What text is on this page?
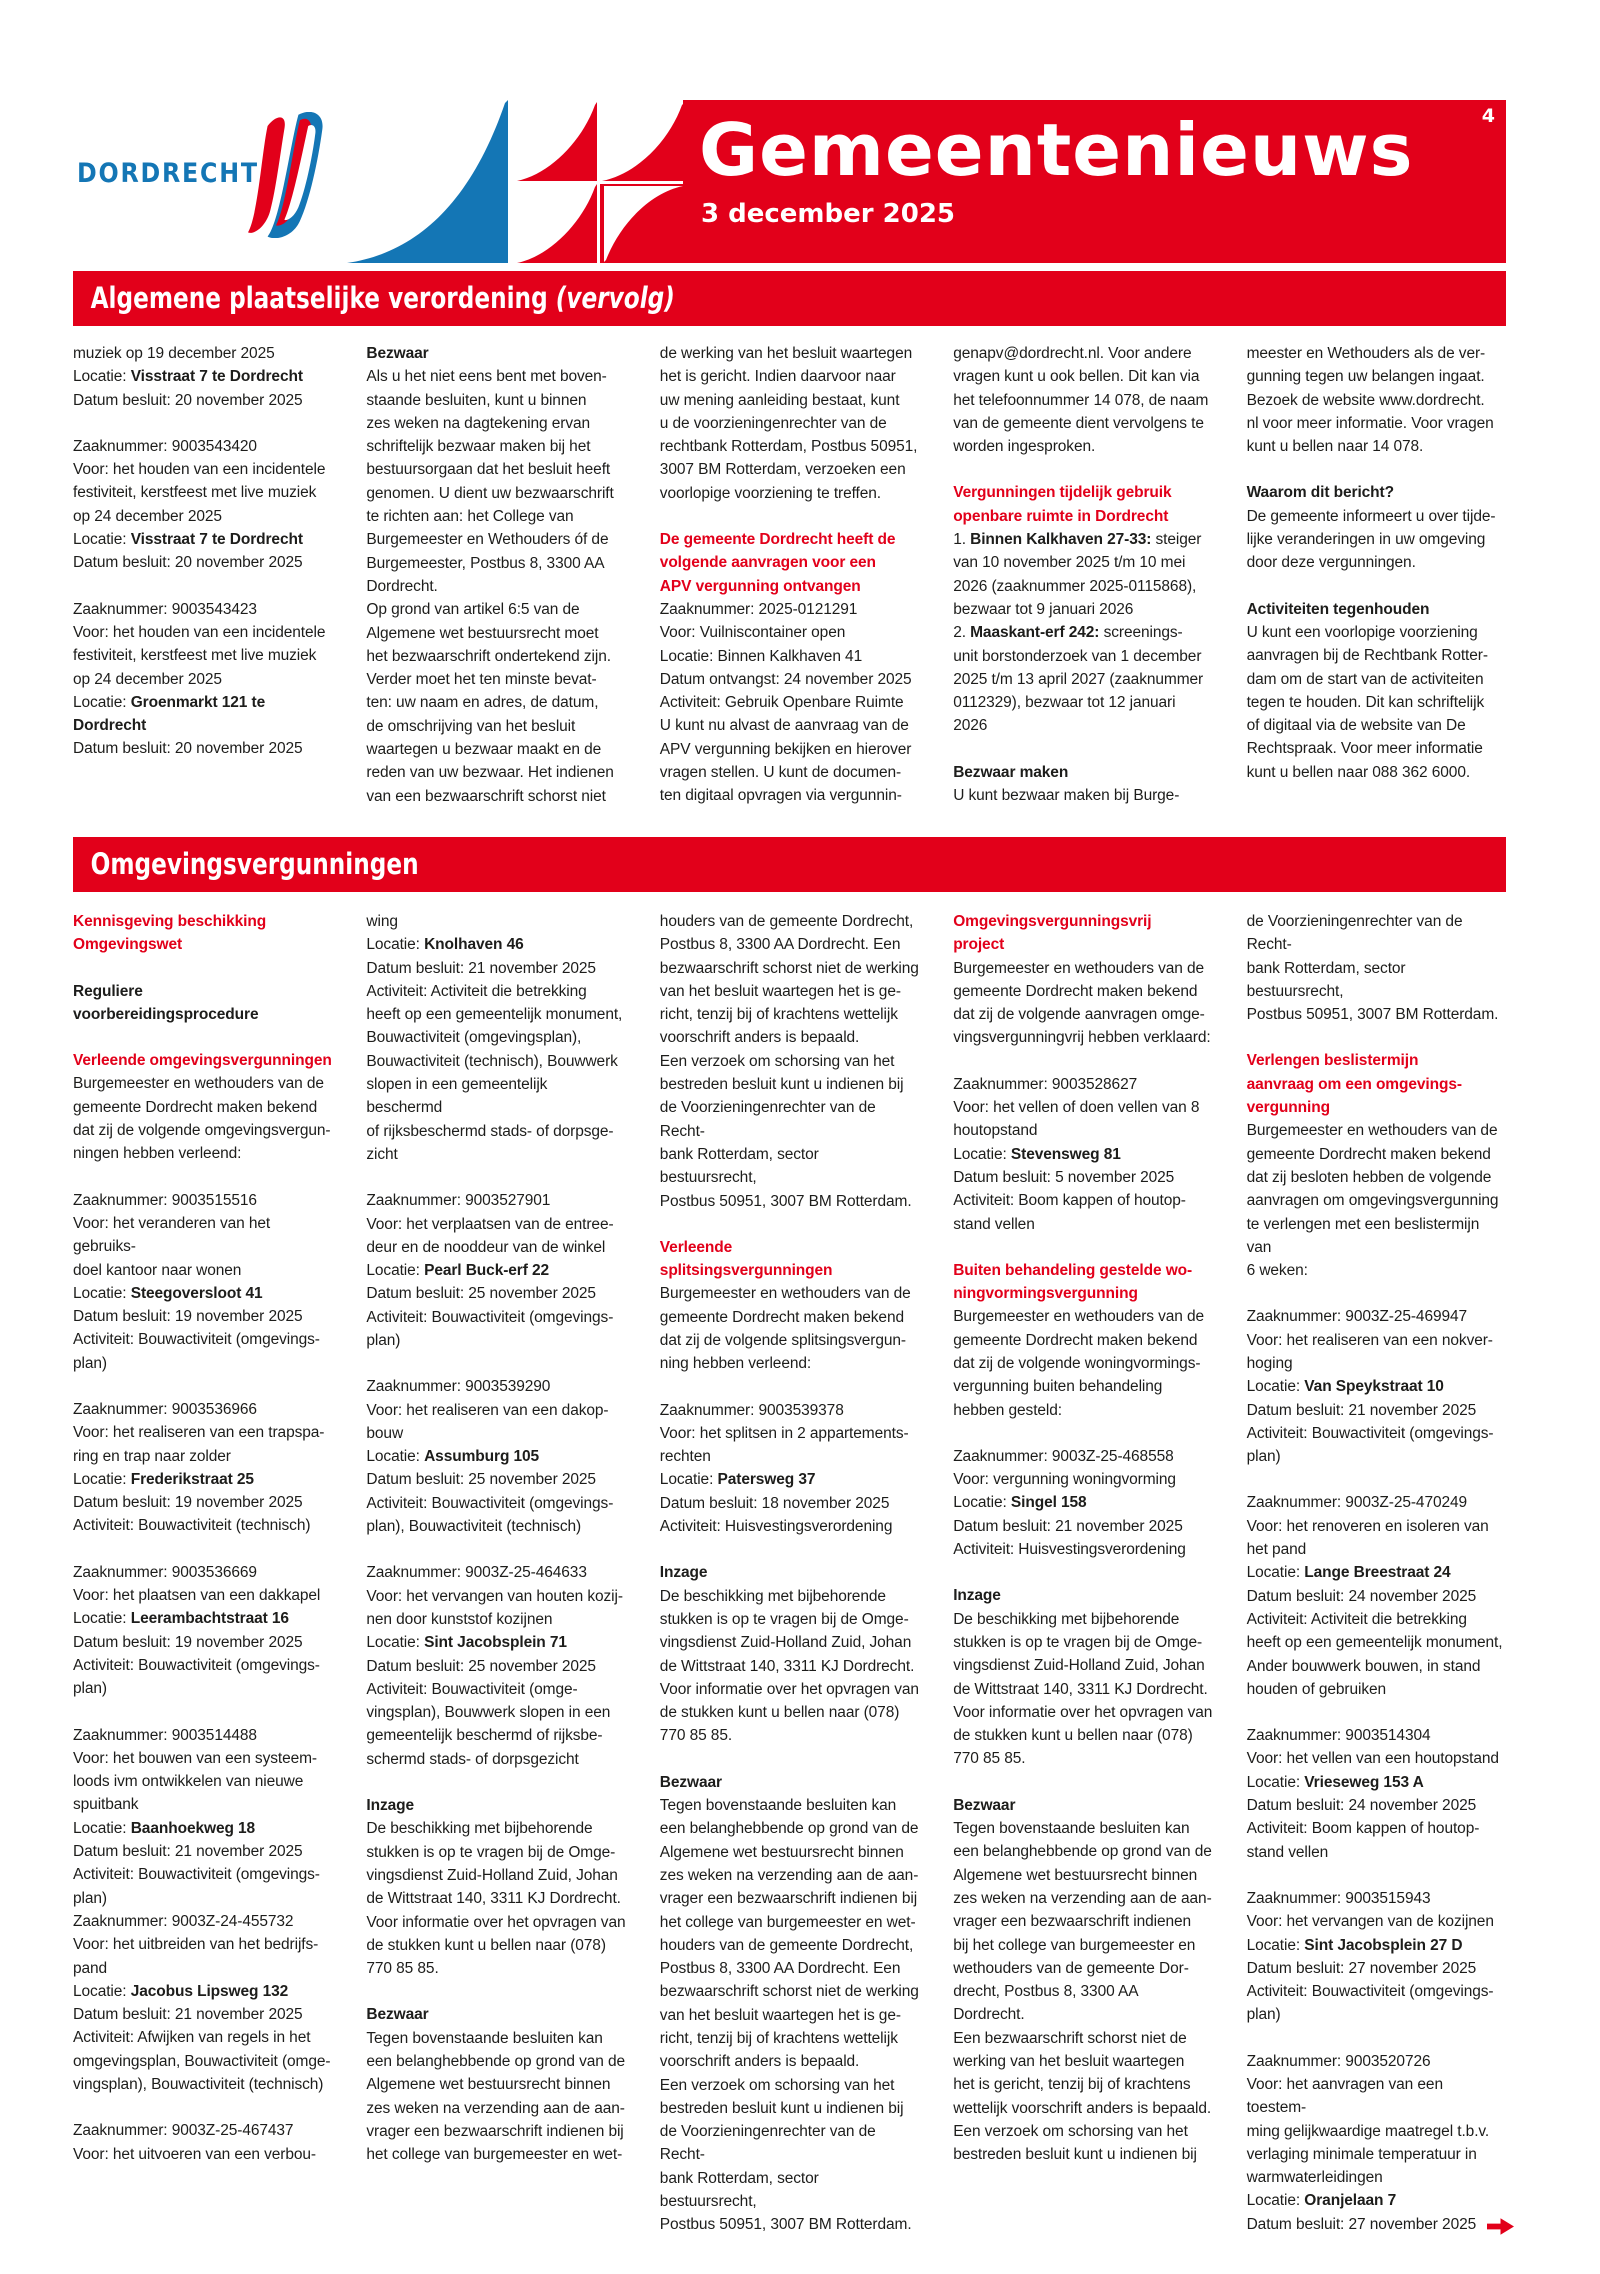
DORDRECHT	Gemeentenieuws
3 december 2025
4
Algemene plaatselijke verordening (vervolg)
muziek op 19 december 2025
Locatie: Visstraat 7 te Dordrecht
Datum besluit: 20 november 2025
Zaaknummer: 9003543420
Voor: het houden van een incidentele
festiviteit, kerstfeest met live muziek
op 24 december 2025
Locatie: Visstraat 7 te Dordrecht
Datum besluit: 20 november 2025
Zaaknummer: 9003543423
Voor: het houden van een incidentele
festiviteit, kerstfeest met live muziek
op 24 december 2025
Locatie: Groenmarkt 121 te
Dordrecht
Datum besluit: 20 november 2025
Bezwaar
Als u het niet eens bent met boven-
staande besluiten, kunt u binnen
zes weken na dagtekening ervan
schriftelijk bezwaar maken bij het
bestuursorgaan dat het besluit heeft
genomen. U dient uw bezwaarschrift
te richten aan: het College van
Burgemeester en Wethouders óf de
Burgemeester, Postbus 8, 3300 AA
Dordrecht.
Op grond van artikel 6:5 van de
Algemene wet bestuursrecht moet
het bezwaarschrift ondertekend zijn.
Verder moet het ten minste bevat-
ten: uw naam en adres, de datum,
de omschrijving van het besluit
waartegen u bezwaar maakt en de
reden van uw bezwaar. Het indienen
van een bezwaarschrift schorst niet
de werking van het besluit waartegen
het is gericht. Indien daarvoor naar
uw mening aanleiding bestaat, kunt
u de voorzieningenrechter van de
rechtbank Rotterdam, Postbus 50951,
3007 BM Rotterdam, verzoeken een
voorlopige voorziening te treffen.
De gemeente Dordrecht heeft de
volgende aanvragen voor een
APV vergunning ontvangen
Zaaknummer: 2025-0121291
Voor: Vuilniscontainer open
Locatie: Binnen Kalkhaven 41
Datum ontvangst: 24 november 2025
Activiteit: Gebruik Openbare Ruimte
U kunt nu alvast de aanvraag van de
APV vergunning bekijken en hierover
vragen stellen. U kunt de documen-
ten digitaal opvragen via vergunnin-
genapv@dordrecht.nl. Voor andere
vragen kunt u ook bellen. Dit kan via
het telefoonnummer 14 078, de naam
van de gemeente dient vervolgens te
worden ingesproken.
Vergunningen tijdelijk gebruik
openbare ruimte in Dordrecht
1. Binnen Kalkhaven 27-33: steiger
van 10 november 2025 t/m 10 mei
2026 (zaaknummer 2025-0115868),
bezwaar tot 9 januari 2026
2. Maaskant-erf 242: screenings-
unit borstonderzoek van 1 december
2025 t/m 13 april 2027 (zaaknummer
0112329), bezwaar tot 12 januari
2026
Bezwaar maken
U kunt bezwaar maken bij Burge-
meester en Wethouders als de ver-
gunning tegen uw belangen ingaat.
Bezoek de website www.dordrecht.
nl voor meer informatie. Voor vragen
kunt u bellen naar 14 078.
Waarom dit bericht?
De gemeente informeert u over tijde-
lijke veranderingen in uw omgeving
door deze vergunningen.
Activiteiten tegenhouden
U kunt een voorlopige voorziening
aanvragen bij de Rechtbank Rotter-
dam om de start van de activiteiten
tegen te houden. Dit kan schriftelijk
of digitaal via de website van De
Rechtspraak. Voor meer informatie
kunt u bellen naar 088 362 6000.
Omgevingsvergunningen
Kennisgeving beschikking
Omgevingswet
Reguliere
voorbereidingsprocedure
Verleende omgevingsvergunningen
Burgemeester en wethouders van de
gemeente Dordrecht maken bekend
dat zij de volgende omgevingsvergun-
ningen hebben verleend:
Zaaknummer: 9003515516
Voor: het veranderen van het gebruiks-
doel kantoor naar wonen
Locatie: Steegoversloot 41
Datum besluit: 19 november 2025
Activiteit: Bouwactiviteit (omgevings-
plan)
Zaaknummer: 9003536966
Voor: het realiseren van een trapspa-
ring en trap naar zolder
Locatie: Frederikstraat 25
Datum besluit: 19 november 2025
Activiteit: Bouwactiviteit (technisch)
Zaaknummer: 9003536669
Voor: het plaatsen van een dakkapel
Locatie: Leerambachtstraat 16
Datum besluit: 19 november 2025
Activiteit: Bouwactiviteit (omgevings-
plan)
Zaaknummer: 9003514488
Voor: het bouwen van een systeem-
loods ivm ontwikkelen van nieuwe
spuitbank
Locatie: Baanhoekweg 18
Datum besluit: 21 november 2025
Activiteit: Bouwactiviteit (omgevings-
plan)
Zaaknummer: 9003Z-24-455732
Voor: het uitbreiden van het bedrijfs-
pand
Locatie: Jacobus Lipsweg 132
Datum besluit: 21 november 2025
Activiteit: Afwijken van regels in het
omgevingsplan, Bouwactiviteit (omge-
vingsplan), Bouwactiviteit (technisch)
Zaaknummer: 9003Z-25-467437
Voor: het uitvoeren van een verbou-
wing
Locatie: Knolhaven 46
Datum besluit: 21 november 2025
Activiteit: Activiteit die betrekking
heeft op een gemeentelijk monument,
Bouwactiviteit (omgevingsplan),
Bouwactiviteit (technisch), Bouwwerk
slopen in een gemeentelijk beschermd
of rijksbeschermd stads- of dorpsge-
zicht
Zaaknummer: 9003527901
Voor: het verplaatsen van de entree-
deur en de nooddeur van de winkel
Locatie: Pearl Buck-erf 22
Datum besluit: 25 november 2025
Activiteit: Bouwactiviteit (omgevings-
plan)
Zaaknummer: 9003539290
Voor: het realiseren van een dakop-
bouw
Locatie: Assumburg 105
Datum besluit: 25 november 2025
Activiteit: Bouwactiviteit (omgevings-
plan), Bouwactiviteit (technisch)
Zaaknummer: 9003Z-25-464633
Voor: het vervangen van houten kozij-
nen door kunststof kozijnen
Locatie: Sint Jacobsplein 71
Datum besluit: 25 november 2025
Activiteit: Bouwactiviteit (omge-
vingsplan), Bouwwerk slopen in een
gemeentelijk beschermd of rijksbe-
schermd stads- of dorpsgezicht
Inzage
De beschikking met bijbehorende
stukken is op te vragen bij de Omge-
vingsdienst Zuid-Holland Zuid, Johan
de Wittstraat 140, 3311 KJ Dordrecht.
Voor informatie over het opvragen van
de stukken kunt u bellen naar (078)
770 85 85.
Bezwaar
Tegen bovenstaande besluiten kan
een belanghebbende op grond van de
Algemene wet bestuursrecht binnen
zes weken na verzending aan de aan-
vrager een bezwaarschrift indienen bij
het college van burgemeester en wet-
houders van de gemeente Dordrecht,
Postbus 8, 3300 AA Dordrecht. Een
bezwaarschrift schorst niet de werking
van het besluit waartegen het is ge-
richt, tenzij bij of krachtens wettelijk
voorschrift anders is bepaald.
Een verzoek om schorsing van het
bestreden besluit kunt u indienen bij
de Voorzieningenrechter van de Recht-
bank Rotterdam, sector bestuursrecht,
Postbus 50951, 3007 BM Rotterdam.
Verleende
splitsingsvergunningen
Burgemeester en wethouders van de
gemeente Dordrecht maken bekend
dat zij de volgende splitsingsvergun-
ning hebben verleend:
Zaaknummer: 9003539378
Voor: het splitsen in 2 appartements-
rechten
Locatie: Patersweg 37
Datum besluit: 18 november 2025
Activiteit: Huisvestingsverordening
Inzage
De beschikking met bijbehorende
stukken is op te vragen bij de Omge-
vingsdienst Zuid-Holland Zuid, Johan
de Wittstraat 140, 3311 KJ Dordrecht.
Voor informatie over het opvragen van
de stukken kunt u bellen naar (078)
770 85 85.
Bezwaar
Tegen bovenstaande besluiten kan
een belanghebbende op grond van de
Algemene wet bestuursrecht binnen
zes weken na verzending aan de aan-
vrager een bezwaarschrift indienen bij
het college van burgemeester en wet-
houders van de gemeente Dordrecht,
Postbus 8, 3300 AA Dordrecht. Een
bezwaarschrift schorst niet de werking
van het besluit waartegen het is ge-
richt, tenzij bij of krachtens wettelijk
voorschrift anders is bepaald.
Een verzoek om schorsing van het
bestreden besluit kunt u indienen bij
de Voorzieningenrechter van de Recht-
bank Rotterdam, sector bestuursrecht,
Postbus 50951, 3007 BM Rotterdam.
Omgevingsvergunningsvrij
project
Burgemeester en wethouders van de
gemeente Dordrecht maken bekend
dat zij de volgende aanvragen omge-
vingsvergunningvrij hebben verklaard:
Zaaknummer: 9003528627
Voor: het vellen of doen vellen van 8
houtopstand
Locatie: Stevensweg 81
Datum besluit: 5 november 2025
Activiteit: Boom kappen of houtop-
stand vellen
Buiten behandeling gestelde wo-
ningvormingsvergunning
Burgemeester en wethouders van de
gemeente Dordrecht maken bekend
dat zij de volgende woningvormings-
vergunning buiten behandeling
hebben gesteld:
Zaaknummer: 9003Z-25-468558
Voor: vergunning woningvorming
Locatie: Singel 158
Datum besluit: 21 november 2025
Activiteit: Huisvestingsverordening
Inzage
De beschikking met bijbehorende
stukken is op te vragen bij de Omge-
vingsdienst Zuid-Holland Zuid, Johan
de Wittstraat 140, 3311 KJ Dordrecht.
Voor informatie over het opvragen van
de stukken kunt u bellen naar (078)
770 85 85.
Bezwaar
Tegen bovenstaande besluiten kan
een belanghebbende op grond van de
Algemene wet bestuursrecht binnen
zes weken na verzending aan de aan-
vrager een bezwaarschrift indienen
bij het college van burgemeester en
wethouders van de gemeente Dor-
drecht, Postbus 8, 3300 AA Dordrecht.
Een bezwaarschrift schorst niet de
werking van het besluit waartegen
het is gericht, tenzij bij of krachtens
wettelijk voorschrift anders is bepaald.
Een verzoek om schorsing van het
bestreden besluit kunt u indienen bij
de Voorzieningenrechter van de Recht-
bank Rotterdam, sector bestuursrecht,
Postbus 50951, 3007 BM Rotterdam.
Verlengen beslistermijn
aanvraag om een omgevings-
vergunning
Burgemeester en wethouders van de
gemeente Dordrecht maken bekend
dat zij besloten hebben de volgende
aanvragen om omgevingsvergunning
te verlengen met een beslistermijn van
6 weken:
Zaaknummer: 9003Z-25-469947
Voor: het realiseren van een nokver-
hoging
Locatie: Van Speykstraat 10
Datum besluit: 21 november 2025
Activiteit: Bouwactiviteit (omgevings-
plan)
Zaaknummer: 9003Z-25-470249
Voor: het renoveren en isoleren van
het pand
Locatie: Lange Breestraat 24
Datum besluit: 24 november 2025
Activiteit: Activiteit die betrekking
heeft op een gemeentelijk monument,
Ander bouwwerk bouwen, in stand
houden of gebruiken
Zaaknummer: 9003514304
Voor: het vellen van een houtopstand
Locatie: Vrieseweg 153 A
Datum besluit: 24 november 2025
Activiteit: Boom kappen of houtop-
stand vellen
Zaaknummer: 9003515943
Voor: het vervangen van de kozijnen
Locatie: Sint Jacobsplein 27 D
Datum besluit: 27 november 2025
Activiteit: Bouwactiviteit (omgevings-
plan)
Zaaknummer: 9003520726
Voor: het aanvragen van een toestem-
ming gelijkwaardige maatregel t.b.v.
verlaging minimale temperatuur in
warmwaterleidingen
Locatie: Oranjelaan 7
Datum besluit: 27 november 2025
